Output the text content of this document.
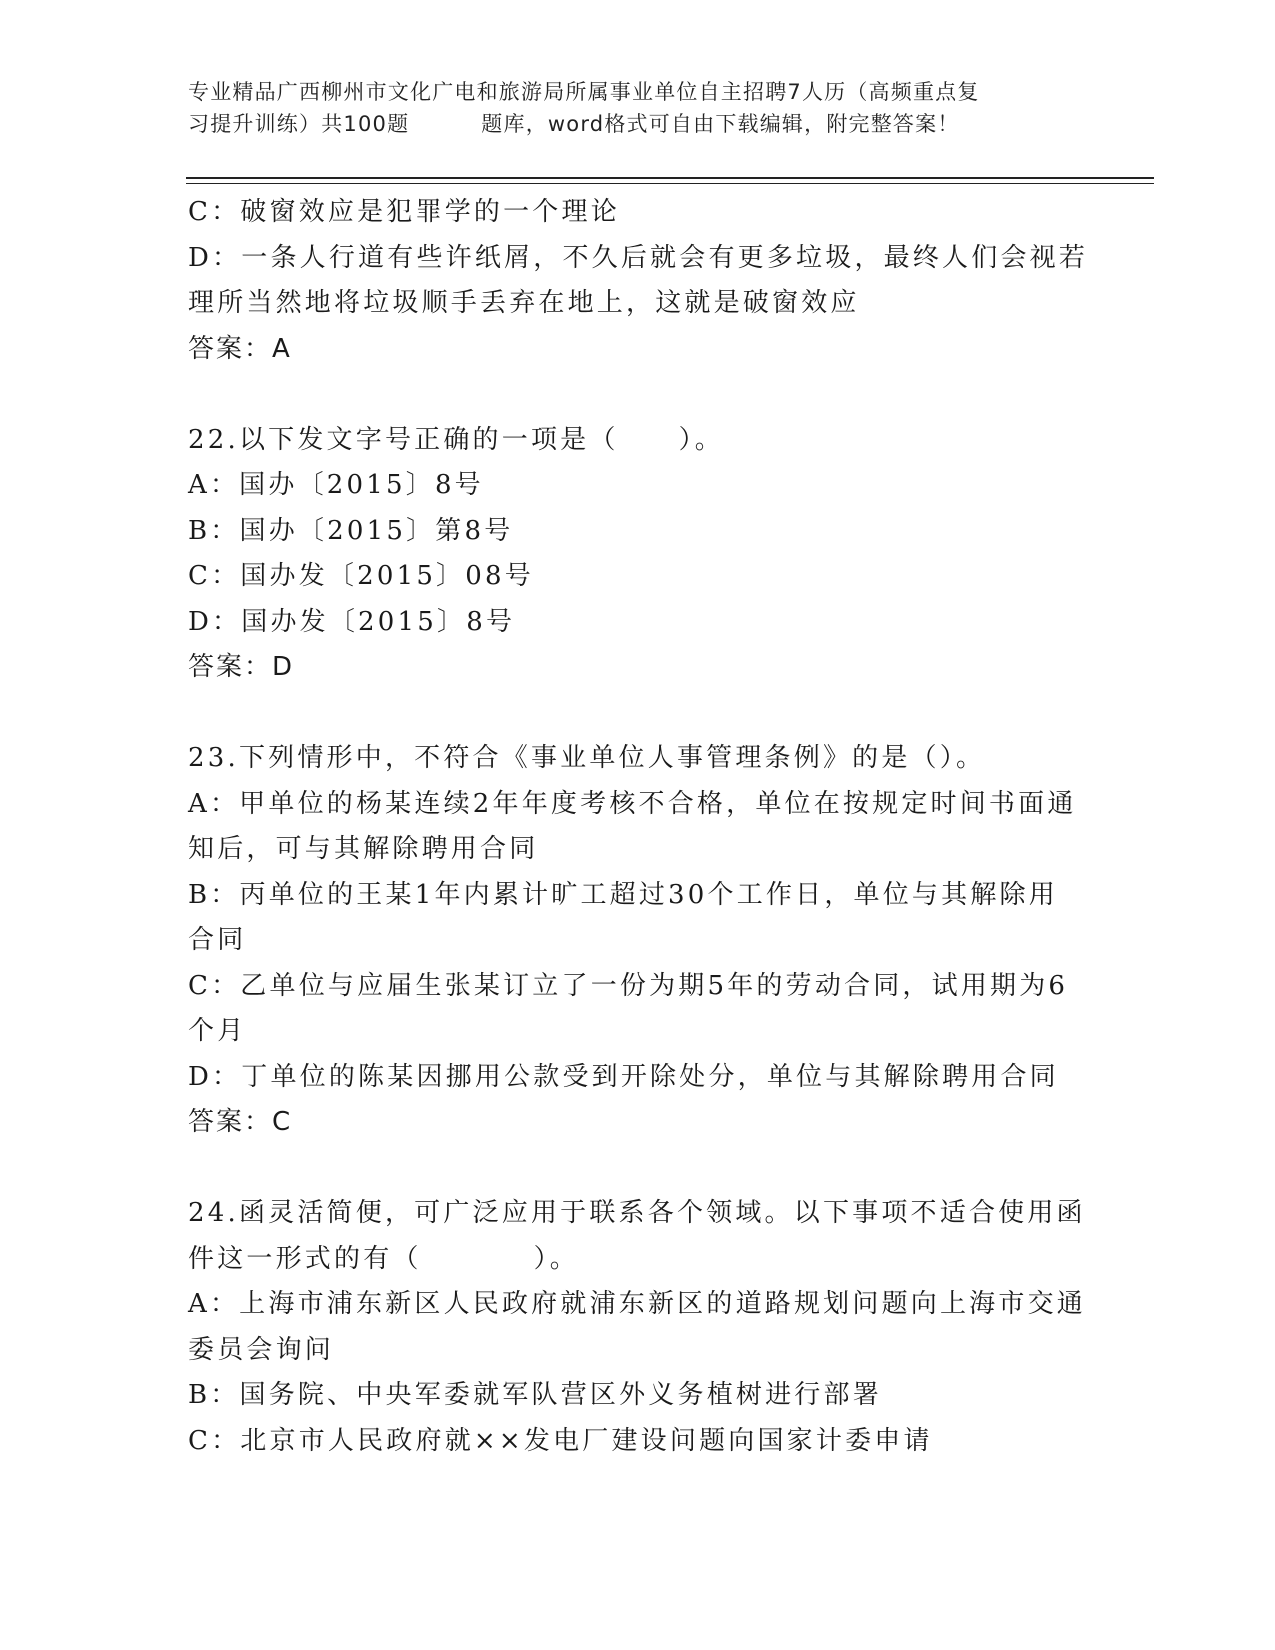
专业精品广西柳州市文化广电和旅游局所属事业单位自主招聘7人历（高频重点复
习提升训练）共100题	题库，word格式可自由下载编辑，附完整答案！
C：破窗效应是犯罪学的一个理论
D：一条人行道有些许纸屑，不久后就会有更多垃圾，最终人们会视若
理所当然地将垃圾顺手丢弃在地上，这就是破窗效应
答案：A
22.以下发文字号正确的一项是（ ）。
A：国办〔2015〕8号
B：国办〔2015〕第8号
C：国办发〔2015〕08号
D：国办发〔2015〕8号
答案：D
23.下列情形中，不符合《事业单位人事管理条例》的是（）。
A：甲单位的杨某连续2年年度考核不合格，单位在按规定时间书面通
知后，可与其解除聘用合同
B：丙单位的王某1年内累计旷工超过30个工作日，单位与其解除用
合同
C：乙单位与应届生张某订立了一份为期5年的劳动合同，试用期为6
个月
D：丁单位的陈某因挪用公款受到开除处分，单位与其解除聘用合同
答案：C
24.函灵活简便，可广泛应用于联系各个领域。以下事项不适合使用函
件这一形式的有（	）。
A：上海市浦东新区人民政府就浦东新区的道路规划问题向上海市交通
委员会询问
B：国务院、中央军委就军队营区外义务植树进行部署
C：北京市人民政府就××发电厂建设问题向国家计委申请
